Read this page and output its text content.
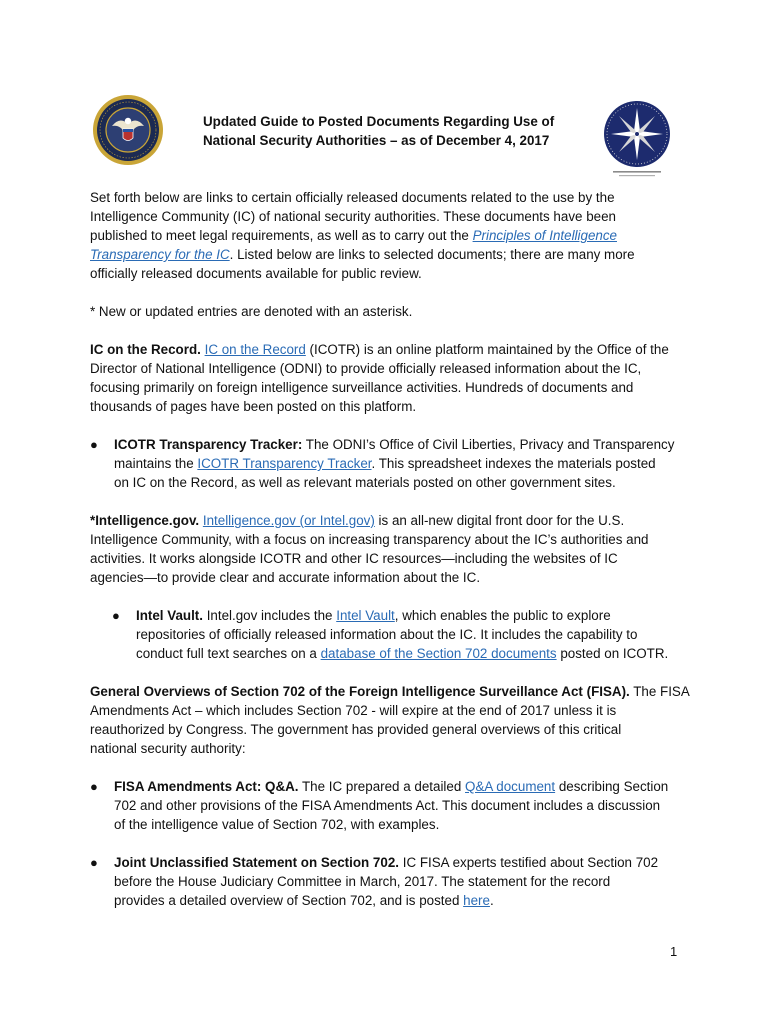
Updated Guide to Posted Documents Regarding Use of
National Security Authorities – as of December 4, 2017

Set forth below are links to certain officially released documents related to the use by the
Intelligence Community (IC) of national security authorities. These documents have been
published to meet legal requirements, as well as to carry out the Principles of Intelligence
Transparency for the IC. Listed below are links to selected documents; there are many more
officially released documents available for public review.

* New or updated entries are denoted with an asterisk.

IC on the Record. IC on the Record (ICOTR) is an online platform maintained by the Office of the
Director of National Intelligence (ODNI) to provide officially released information about the IC,
focusing primarily on foreign intelligence surveillance activities. Hundreds of documents and
thousands of pages have been posted on this platform.

● ICOTR Transparency Tracker: The ODNI’s Office of Civil Liberties, Privacy and Transparency
maintains the ICOTR Transparency Tracker. This spreadsheet indexes the materials posted
on IC on the Record, as well as relevant materials posted on other government sites.

*Intelligence.gov. Intelligence.gov (or Intel.gov) is an all-new digital front door for the U.S.
Intelligence Community, with a focus on increasing transparency about the IC’s authorities and
activities. It works alongside ICOTR and other IC resources—including the websites of IC
agencies—to provide clear and accurate information about the IC.

● Intel Vault. Intel.gov includes the Intel Vault, which enables the public to explore
repositories of officially released information about the IC. It includes the capability to
conduct full text searches on a database of the Section 702 documents posted on ICOTR.

General Overviews of Section 702 of the Foreign Intelligence Surveillance Act (FISA). The FISA
Amendments Act – which includes Section 702 - will expire at the end of 2017 unless it is
reauthorized by Congress. The government has provided general overviews of this critical
national security authority:

● FISA Amendments Act: Q&A. The IC prepared a detailed Q&A document describing Section
702 and other provisions of the FISA Amendments Act. This document includes a discussion
of the intelligence value of Section 702, with examples.
● Joint Unclassified Statement on Section 702. IC FISA experts testified about Section 702
before the House Judiciary Committee in March, 2017. The statement for the record
provides a detailed overview of Section 702, and is posted here.
1
